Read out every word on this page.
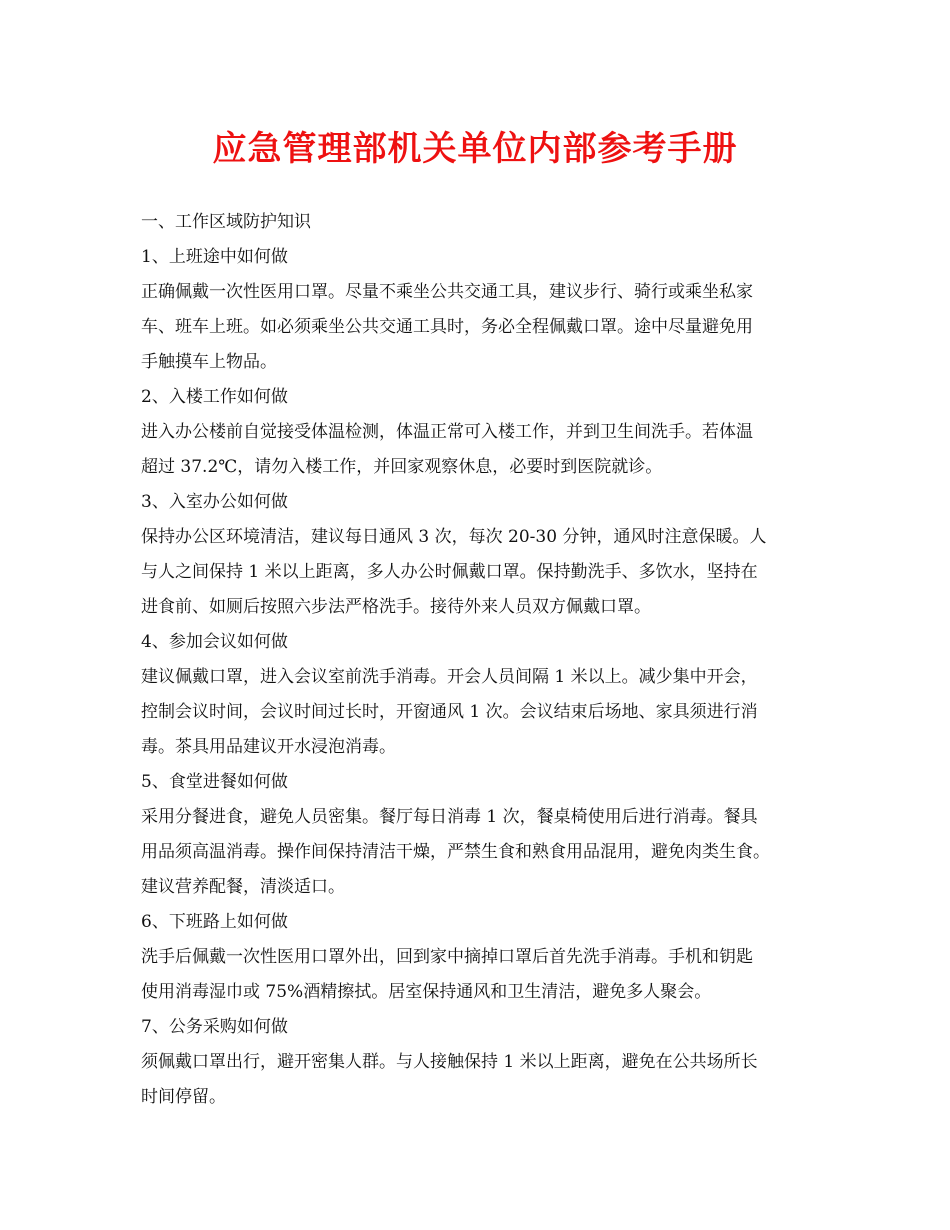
应急管理部机关单位内部参考手册
一、工作区域防护知识
1、上班途中如何做
正确佩戴一次性医用口罩。尽量不乘坐公共交通工具，建议步行、骑行或乘坐私家
车、班车上班。如必须乘坐公共交通工具时，务必全程佩戴口罩。途中尽量避免用
手触摸车上物品。
2、入楼工作如何做
进入办公楼前自觉接受体温检测，体温正常可入楼工作，并到卫生间洗手。若体温
超过 37.2℃，请勿入楼工作，并回家观察休息，必要时到医院就诊。
3、入室办公如何做
保持办公区环境清洁，建议每日通风 3 次，每次 20-30 分钟，通风时注意保暖。人
与人之间保持 1 米以上距离，多人办公时佩戴口罩。保持勤洗手、多饮水，坚持在
进食前、如厕后按照六步法严格洗手。接待外来人员双方佩戴口罩。
4、参加会议如何做
建议佩戴口罩，进入会议室前洗手消毒。开会人员间隔 1 米以上。减少集中开会，
控制会议时间，会议时间过长时，开窗通风 1 次。会议结束后场地、家具须进行消
毒。茶具用品建议开水浸泡消毒。
5、食堂进餐如何做
采用分餐进食，避免人员密集。餐厅每日消毒 1 次，餐桌椅使用后进行消毒。餐具
用品须高温消毒。操作间保持清洁干燥，严禁生食和熟食用品混用，避免肉类生食。
建议营养配餐，清淡适口。
6、下班路上如何做
洗手后佩戴一次性医用口罩外出，回到家中摘掉口罩后首先洗手消毒。手机和钥匙
使用消毒湿巾或 75%酒精擦拭。居室保持通风和卫生清洁，避免多人聚会。
7、公务采购如何做
须佩戴口罩出行，避开密集人群。与人接触保持 1 米以上距离，避免在公共场所长
时间停留。
